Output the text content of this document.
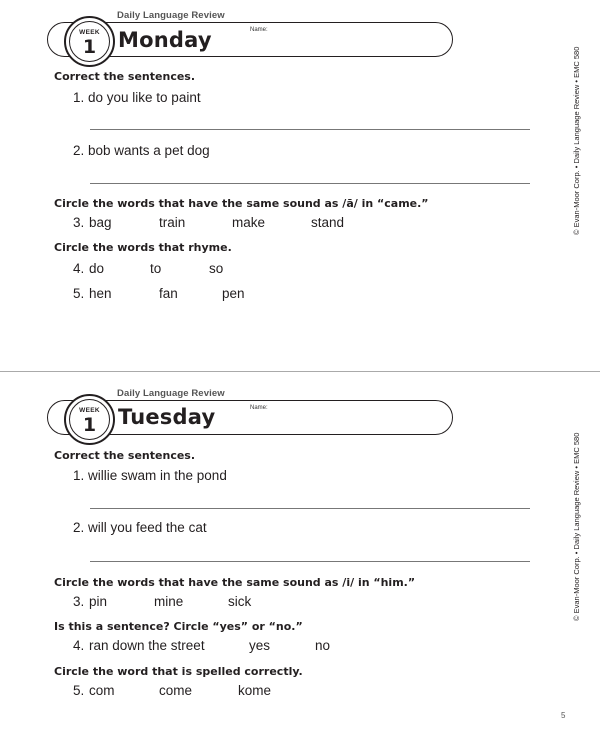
Daily Language Review
WEEK
1	Monday	Name:
Correct the sentences.
1. do you like to paint
2. bob wants a pet dog
Circle the words that have the same sound as /ā/ in “came.”
3. bag	train	make	stand
Circle the words that rhyme.
4. do	to	so
5. hen	fan	pen
© Evan-Moor Corp. • Daily Language Review • EMC 580
Daily Language Review
WEEK
1	Tuesday	Name:
Correct the sentences.
1. willie swam in the pond
2. will you feed the cat
Circle the words that have the same sound as /i/ in “him.”
3. pin	mine	sick
Is this a sentence? Circle “yes” or “no.”
4. ran down the street	yes	no
Circle the word that is spelled correctly.
5. com	come	kome
© Evan-Moor Corp. • Daily Language Review • EMC 580
5
